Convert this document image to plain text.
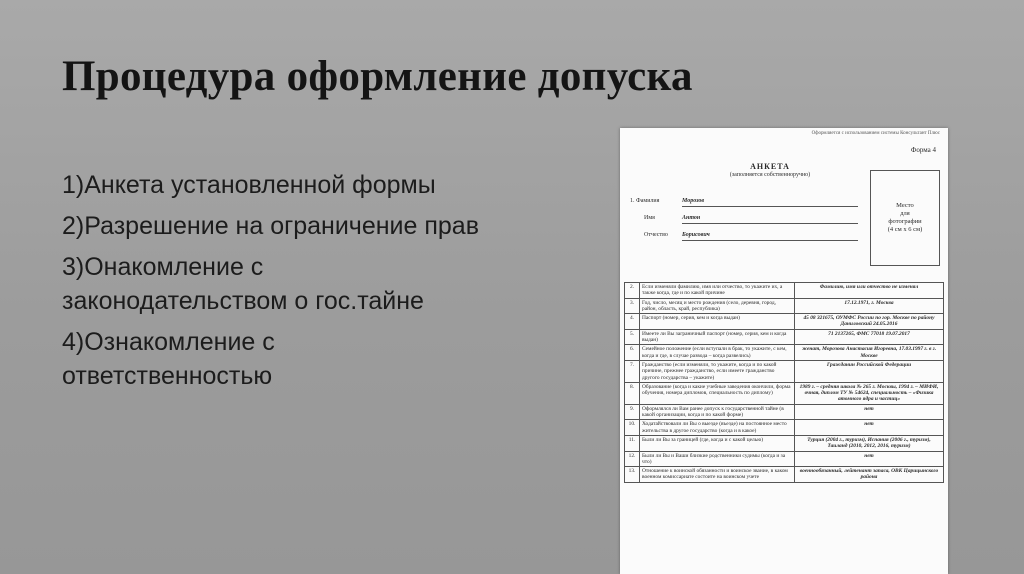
Процедура оформление допуска
1)Анкета установленной формы
2)Разрешение на ограничение прав
3)Онакомление с законодательством о гос.тайне
4)Ознакомление с ответственностью
Оформляется с использованием системы Консультант Плюс
Форма 4
АНКЕТА
(заполняется собственноручно)
Место
для
фотографии
(4 см х 6 см)
1. Фамилия	Морозов
Имя	Антон
Отчество Борисович
2.	Если изменяли фамилию, имя или отчество, то укажите их, а также когда, где и по какой причине	Фамилию, имя или отчество не изменял
3.	Год, число, месяц и место рождения (село, деревня, город, район, область, край, республика)	17.12.1971, г. Москва
4.	Паспорт (номер, серия, кем и когда выдан)	45 08 321675, ОУМФС России по гор. Москве по району Даниловский 24.05.2016
5.	Имеете ли Вы заграничный паспорт (номер, серия, кем и когда выдан)	71 2137265, ФМС 77018 19.07.2017
6.	Семейное положение (если вступали в брак, то укажите, с кем, когда и где, в случае развода – когда развелись)	женат, Морозова Анастасия Игоревна, 17.03.1997 г. в г. Москве
7.	Гражданство (если изменяли, то укажите, когда и по какой причине, прежнее гражданство, если имеете гражданство другого государства – укажите)	Гражданин Российской Федерации
8.	Образование (когда и какие учебные заведения окончили, форма обучения, номера дипломов, специальность по диплому)	1989 г. – средняя школа № 265 г. Москвы, 1994 г. – МИФИ, очная, диплом ТУ № 54624, специальность – «Физика атомного ядра и частиц»
9.	Оформлялся ли Вам ранее допуск к государственной тайне (в какой организации, когда и по какой форме)	нет
10.	Ходатайствовали ли Вы о выезде (въезде) на постоянное место жительства в другое государство (когда и в какое)	нет
11.	Были ли Вы за границей (где, когда и с какой целью)	Турция (2004 г., туризм), Испания (2006 г., туризм), Таиланд (2010, 2012, 2016, туризм)
12.	Были ли Вы и Ваши близкие родственники судимы (когда и за что)	нет
13.	Отношение к воинской обязанности и воинское звание, в каком военном комиссариате состоите на воинском учете	военнообязанный, лейтенант запаса, ОВК Царицынского района
